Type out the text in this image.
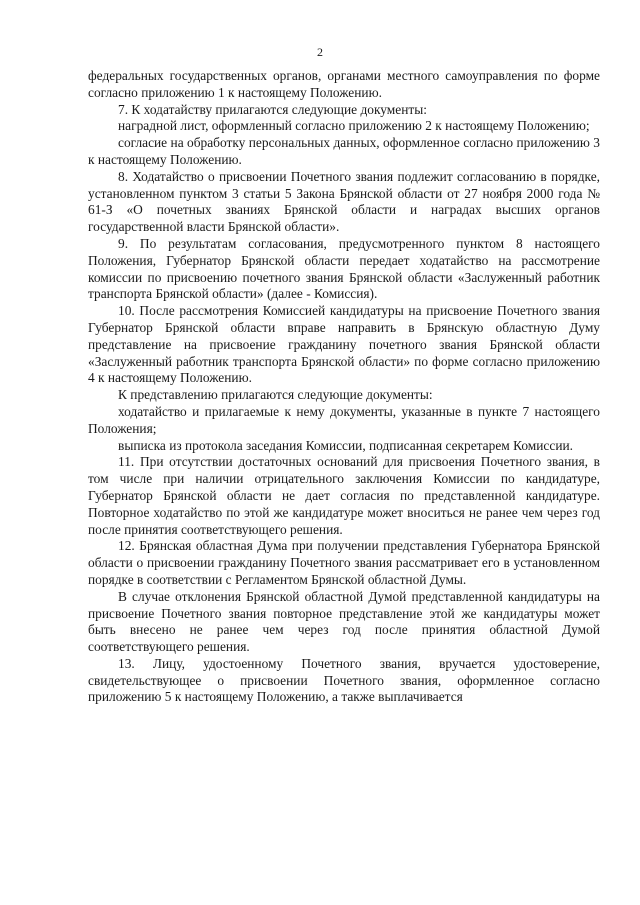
2

федеральных государственных органов, органами местного самоуправления по форме согласно приложению 1 к настоящему Положению.

7. К ходатайству прилагаются следующие документы:

наградной лист, оформленный согласно приложению 2 к настоящему Положению;

согласие на обработку персональных данных, оформленное согласно приложению 3 к настоящему Положению.

8. Ходатайство о присвоении Почетного звания подлежит согласованию в порядке, установленном пунктом 3 статьи 5 Закона Брянской области от 27 ноября 2000 года № 61-З «О почетных званиях Брянской области и наградах высших органов государственной власти Брянской области».

9. По результатам согласования, предусмотренного пунктом 8 настоящего Положения, Губернатор Брянской области передает ходатайство на рассмотрение комиссии по присвоению почетного звания Брянской области «Заслуженный работник транспорта Брянской области» (далее - Комиссия).

10. После рассмотрения Комиссией кандидатуры на присвоение Почетного звания Губернатор Брянской области вправе направить в Брянскую областную Думу представление на присвоение гражданину почетного звания Брянской области «Заслуженный работник транспорта Брянской области» по форме согласно приложению 4 к настоящему Положению.

К представлению прилагаются следующие документы:

ходатайство и прилагаемые к нему документы, указанные в пункте 7 настоящего Положения;

выписка из протокола заседания Комиссии, подписанная секретарем Комиссии.

11. При отсутствии достаточных оснований для присвоения Почетного звания, в том числе при наличии отрицательного заключения Комиссии по кандидатуре, Губернатор Брянской области не дает согласия по представленной кандидатуре. Повторное ходатайство по этой же кандидатуре может вноситься не ранее чем через год после принятия соответствующего решения.

12. Брянская областная Дума при получении представления Губернатора Брянской области о присвоении гражданину Почетного звания рассматривает его в установленном порядке в соответствии с Регламентом Брянской областной Думы.

В случае отклонения Брянской областной Думой представленной кандидатуры на присвоение Почетного звания повторное представление этой же кандидатуры может быть внесено не ранее чем через год после принятия областной Думой соответствующего решения.

13. Лицу, удостоенному Почетного звания, вручается удостоверение, свидетельствующее о присвоении Почетного звания, оформленное согласно приложению 5 к настоящему Положению, а также выплачивается
